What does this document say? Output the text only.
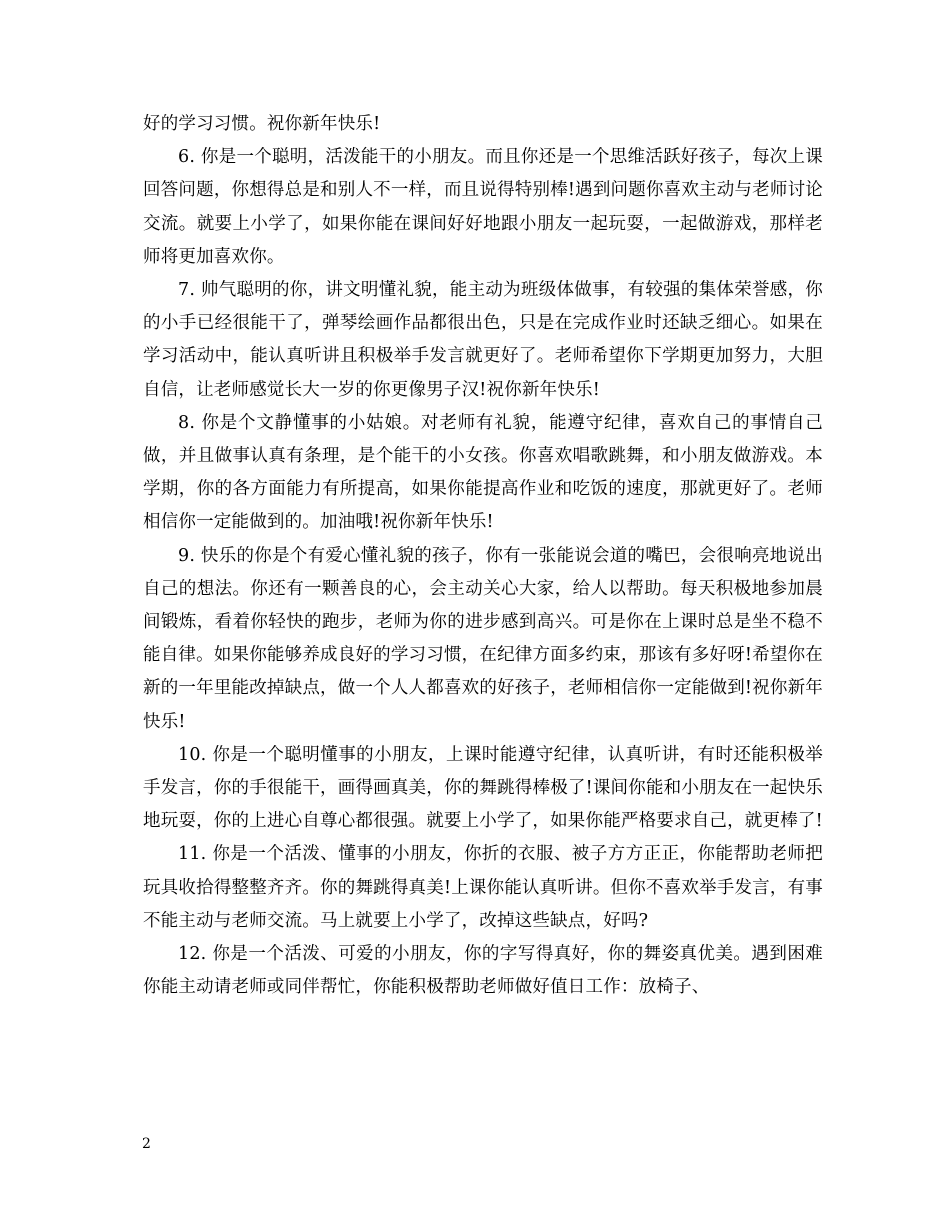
好的学习习惯。祝你新年快乐!

6. 你是一个聪明，活泼能干的小朋友。而且你还是一个思维活跃好孩子，每次上课回答问题，你想得总是和别人不一样，而且说得特别棒!遇到问题你喜欢主动与老师讨论交流。就要上小学了，如果你能在课间好好地跟小朋友一起玩耍，一起做游戏，那样老师将更加喜欢你。

7. 帅气聪明的你，讲文明懂礼貌，能主动为班级体做事，有较强的集体荣誉感，你的小手已经很能干了，弹琴绘画作品都很出色，只是在完成作业时还缺乏细心。如果在学习活动中，能认真听讲且积极举手发言就更好了。老师希望你下学期更加努力，大胆自信，让老师感觉长大一岁的你更像男子汉!祝你新年快乐!

8. 你是个文静懂事的小姑娘。对老师有礼貌，能遵守纪律，喜欢自己的事情自己做，并且做事认真有条理，是个能干的小女孩。你喜欢唱歌跳舞，和小朋友做游戏。本学期，你的各方面能力有所提高，如果你能提高作业和吃饭的速度，那就更好了。老师相信你一定能做到的。加油哦!祝你新年快乐!

9. 快乐的你是个有爱心懂礼貌的孩子，你有一张能说会道的嘴巴，会很响亮地说出自己的想法。你还有一颗善良的心，会主动关心大家，给人以帮助。每天积极地参加晨间锻炼，看着你轻快的跑步，老师为你的进步感到高兴。可是你在上课时总是坐不稳不能自律。如果你能够养成良好的学习习惯，在纪律方面多约束，那该有多好呀!希望你在新的一年里能改掉缺点，做一个人人都喜欢的好孩子，老师相信你一定能做到!祝你新年快乐!

10. 你是一个聪明懂事的小朋友，上课时能遵守纪律，认真听讲，有时还能积极举手发言，你的手很能干，画得画真美，你的舞跳得棒极了!课间你能和小朋友在一起快乐地玩耍，你的上进心自尊心都很强。就要上小学了，如果你能严格要求自己，就更棒了!

11. 你是一个活泼、懂事的小朋友，你折的衣服、被子方方正正，你能帮助老师把玩具收拾得整整齐齐。你的舞跳得真美!上课你能认真听讲。但你不喜欢举手发言，有事不能主动与老师交流。马上就要上小学了，改掉这些缺点，好吗?

12. 你是一个活泼、可爱的小朋友，你的字写得真好，你的舞姿真优美。遇到困难你能主动请老师或同伴帮忙，你能积极帮助老师做好值日工作：放椅子、

2
